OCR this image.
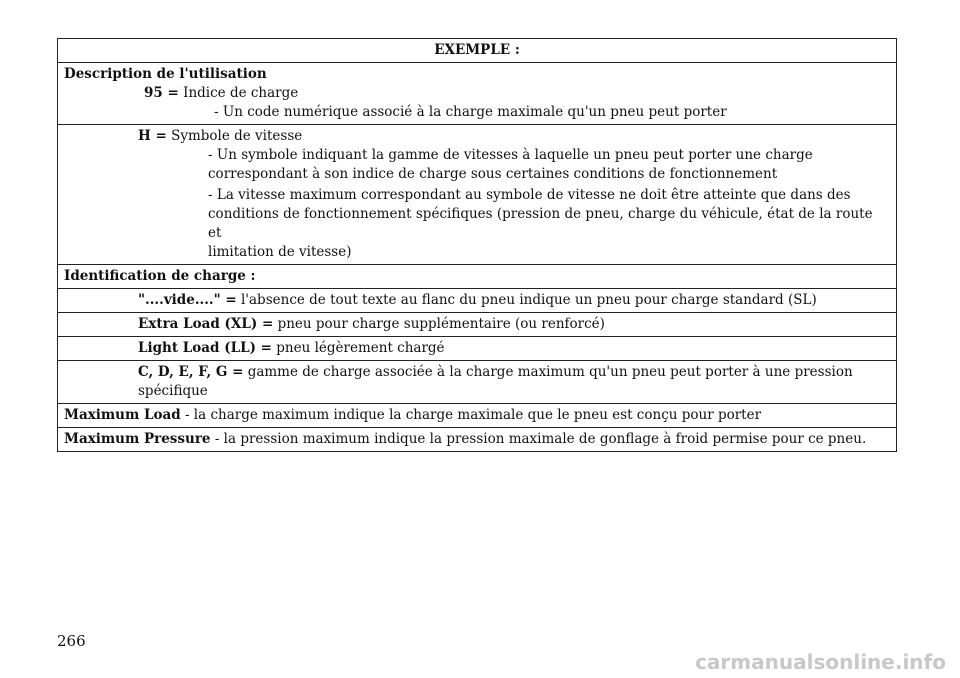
EXEMPLE :
Description de l'utilisation
95 = Indice de charge
- Un code numérique associé à la charge maximale qu'un pneu peut porter
H = Symbole de vitesse
- Un symbole indiquant la gamme de vitesses à laquelle un pneu peut porter une charge
correspondant à son indice de charge sous certaines conditions de fonctionnement
- La vitesse maximum correspondant au symbole de vitesse ne doit être atteinte que dans des
conditions de fonctionnement spécifiques (pression de pneu, charge du véhicule, état de la route et
limitation de vitesse)
Identification de charge :
"....vide...." = l'absence de tout texte au flanc du pneu indique un pneu pour charge standard (SL)
Extra Load (XL) = pneu pour charge supplémentaire (ou renforcé)
Light Load (LL) = pneu légèrement chargé
C, D, E, F, G = gamme de charge associée à la charge maximum qu'un pneu peut porter à une pression
spécifique
Maximum Load - la charge maximum indique la charge maximale que le pneu est conçu pour porter
Maximum Pressure - la pression maximum indique la pression maximale de gonflage à froid permise pour ce pneu.
266
carmanualsonline.info
